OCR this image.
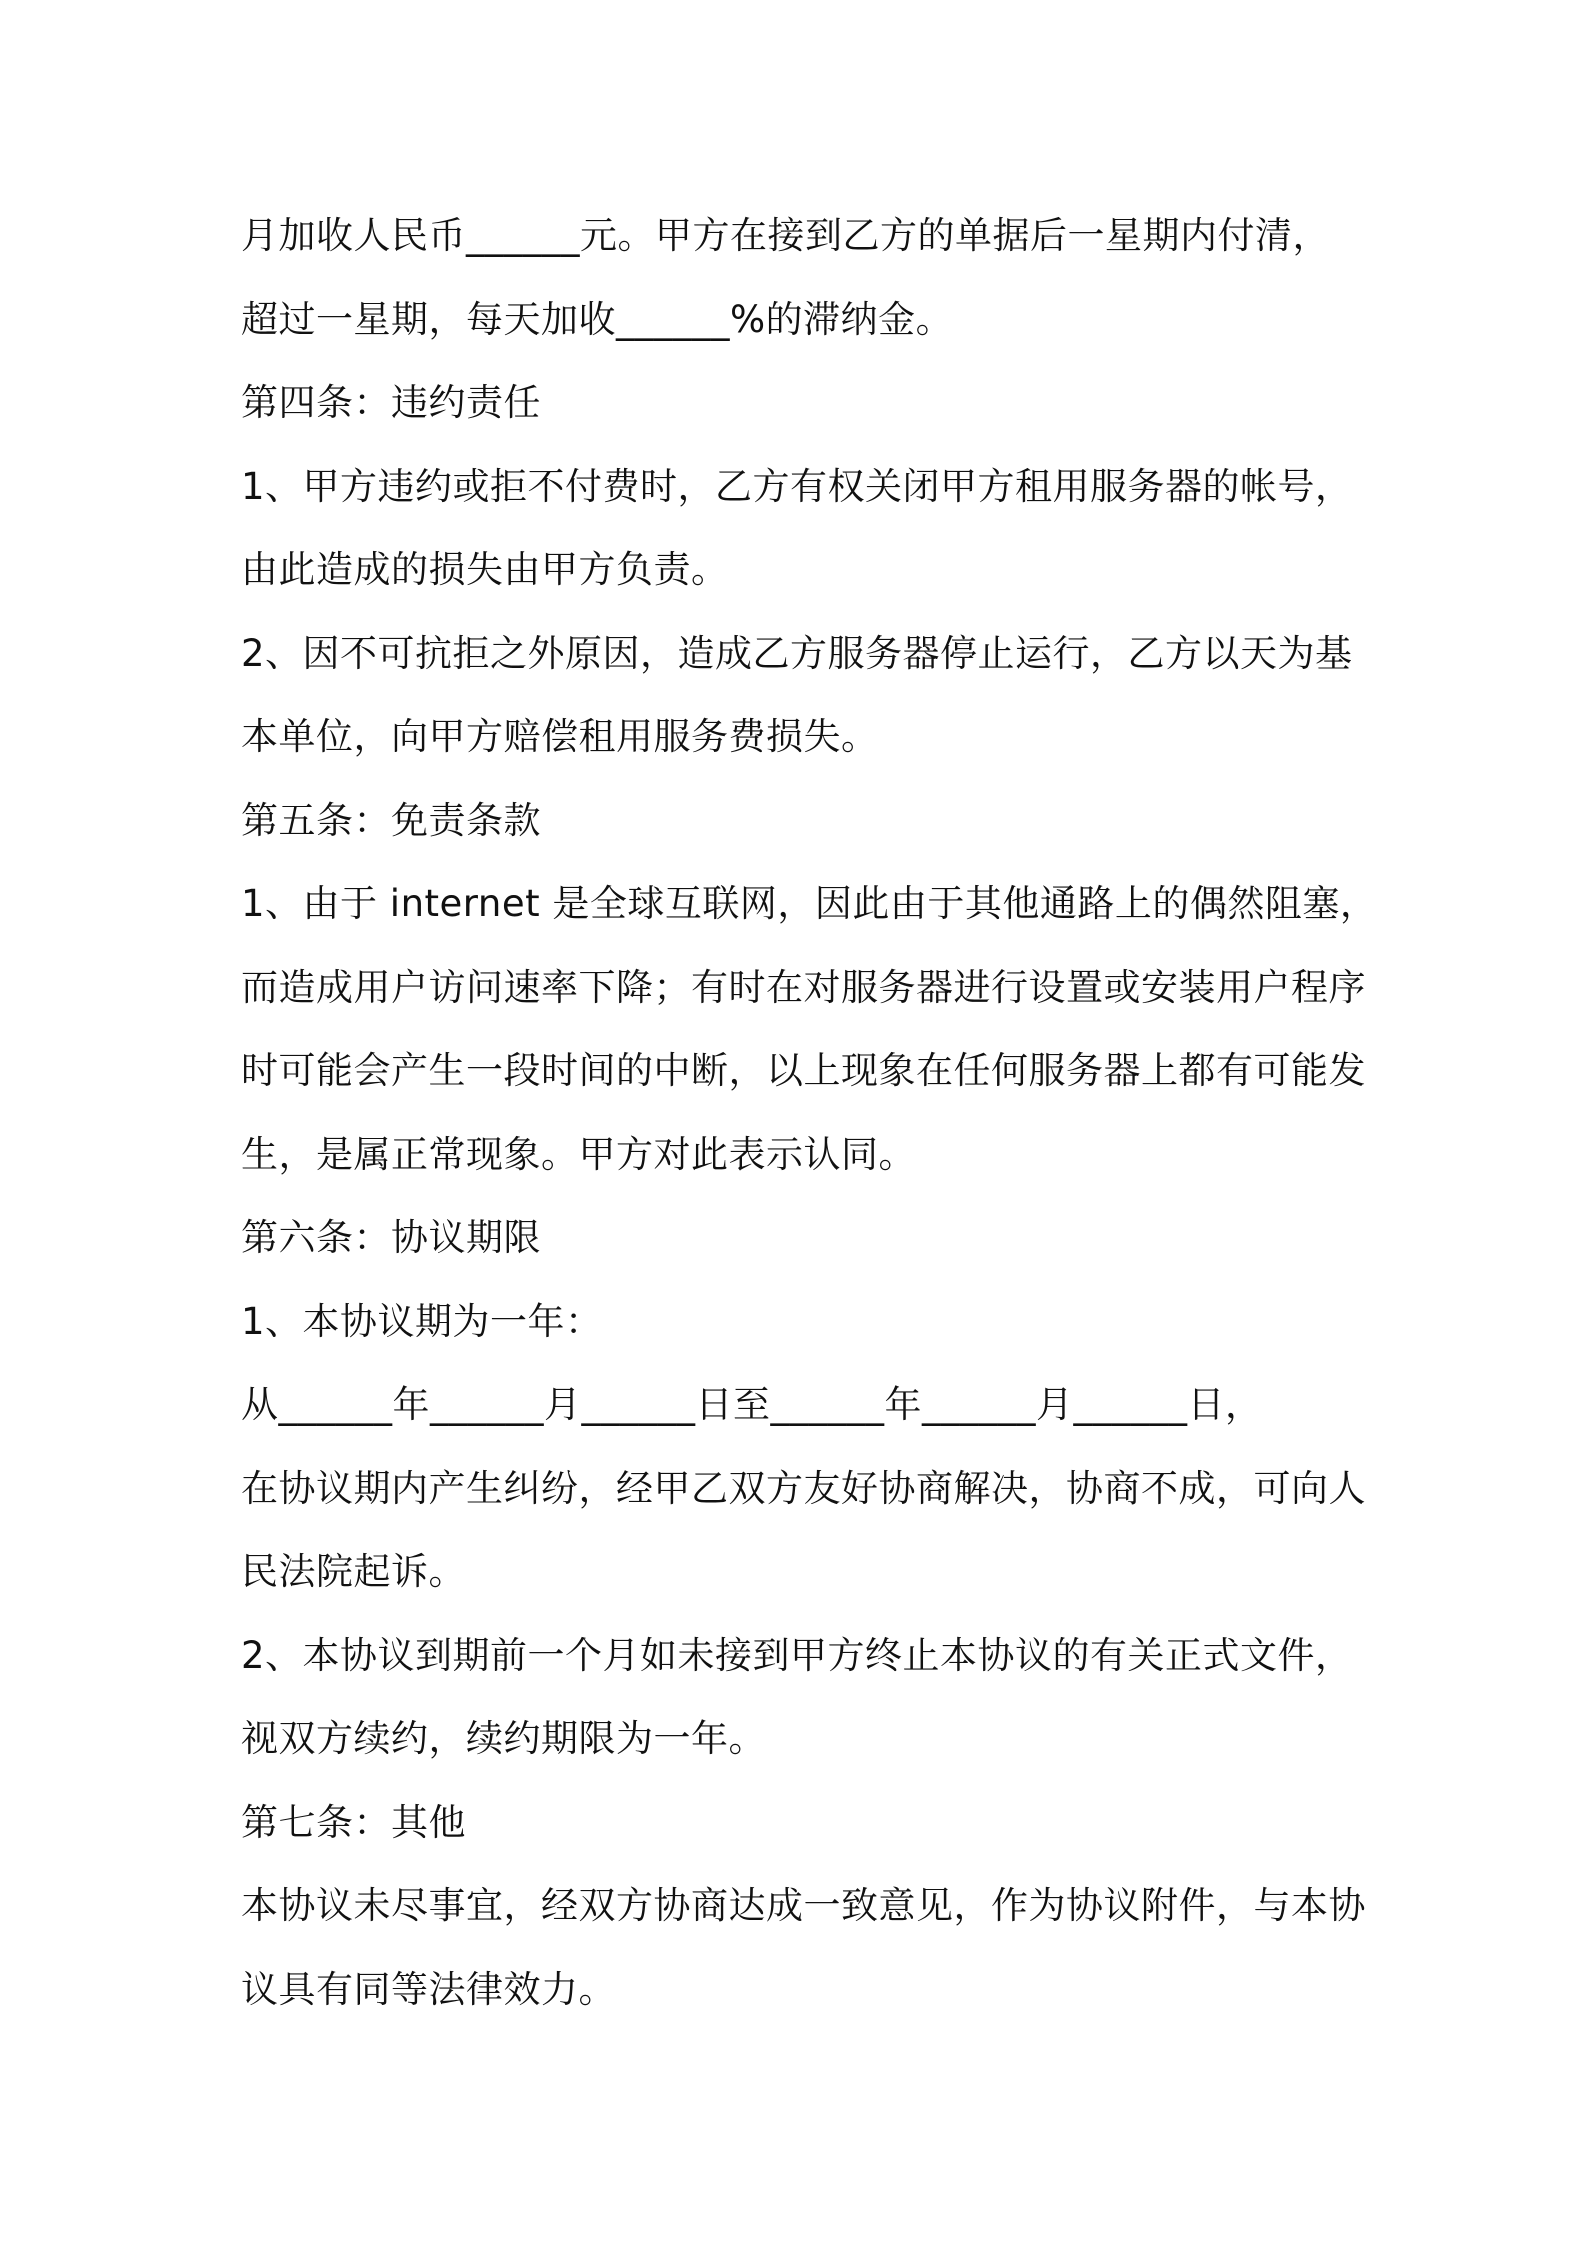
月加收人民币______元。甲方在接到乙方的单据后一星期内付清，

超过一星期，每天加收______%的滞纳金。

第四条：违约责任

1、甲方违约或拒不付费时，乙方有权关闭甲方租用服务器的帐号，

由此造成的损失由甲方负责。

2、因不可抗拒之外原因，造成乙方服务器停止运行，乙方以天为基

本单位，向甲方赔偿租用服务费损失。

第五条：免责条款

1、由于 internet 是全球互联网，因此由于其他通路上的偶然阻塞，

而造成用户访问速率下降；有时在对服务器进行设置或安装用户程序

时可能会产生一段时间的中断，以上现象在任何服务器上都有可能发

生，是属正常现象。甲方对此表示认同。

第六条：协议期限

1、本协议期为一年：

从______年______月______日至______年______月______日，

在协议期内产生纠纷，经甲乙双方友好协商解决，协商不成，可向人

民法院起诉。

2、本协议到期前一个月如未接到甲方终止本协议的有关正式文件，

视双方续约，续约期限为一年。

第七条：其他

本协议未尽事宜，经双方协商达成一致意见，作为协议附件，与本协

议具有同等法律效力。
